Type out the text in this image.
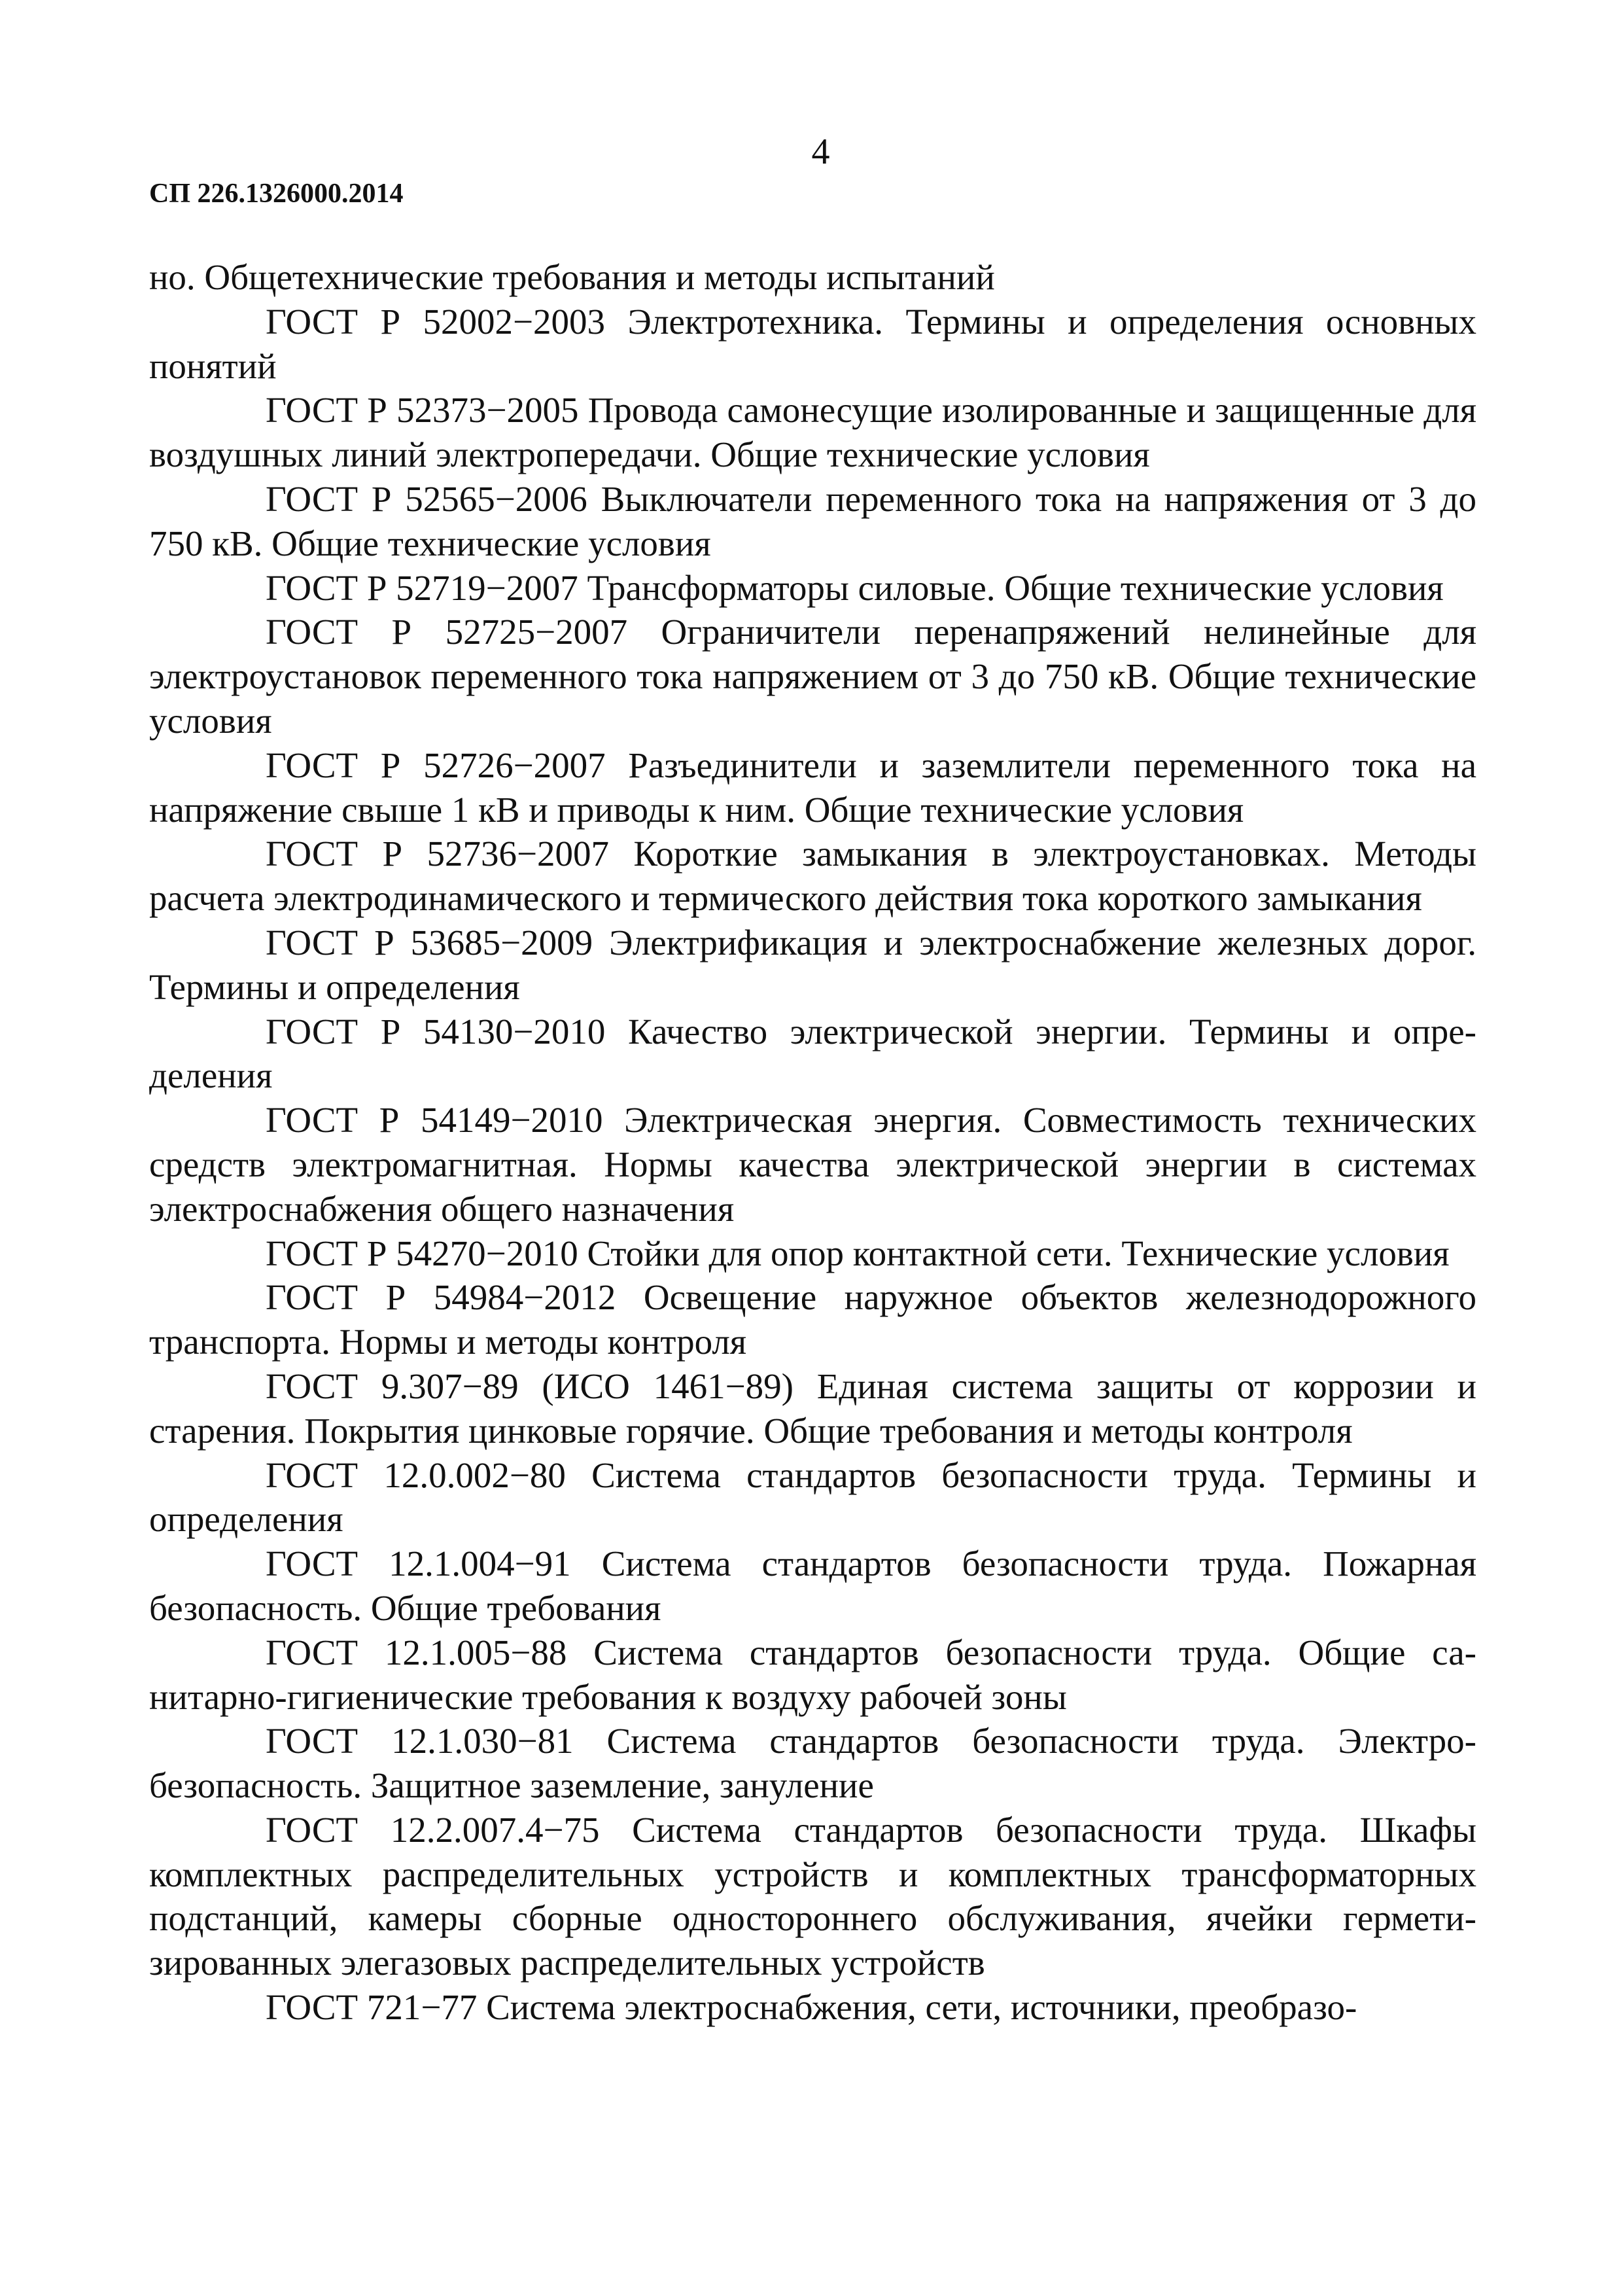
4
СП 226.1326000.2014

но. Общетехнические требования и методы испытаний

ГОСТ Р 52002−2003 Электротехника. Термины и определения основных понятий

ГОСТ Р 52373−2005 Провода самонесущие изолированные и защищенные для воздушных линий электропередачи. Общие технические условия

ГОСТ Р 52565−2006 Выключатели переменного тока на напряжения от 3 до 750 кВ. Общие технические условия

ГОСТ Р 52719−2007 Трансформаторы силовые. Общие технические условия

ГОСТ Р 52725−2007 Ограничители перенапряжений нелинейные для электроустановок переменного тока напряжением от 3 до 750 кВ. Общие технические условия

ГОСТ Р 52726−2007 Разъединители и заземлители переменного тока на напряжение свыше 1 кВ и приводы к ним. Общие технические условия

ГОСТ Р 52736−2007 Короткие замыкания в электроустановках. Методы расчета электродинамического и термического действия тока короткого замыкания

ГОСТ Р 53685−2009 Электрификация и электроснабжение железных дорог. Термины и определения

ГОСТ Р 54130−2010 Качество электрической энергии. Термины и определения

ГОСТ Р 54149−2010 Электрическая энергия. Совместимость технических средств электромагнитная. Нормы качества электрической энергии в системах электроснабжения общего назначения

ГОСТ Р 54270−2010 Стойки для опор контактной сети. Технические условия

ГОСТ Р 54984−2012 Освещение наружное объектов железнодорожного транспорта. Нормы и методы контроля

ГОСТ 9.307−89 (ИСО 1461−89) Единая система защиты от коррозии и старения. Покрытия цинковые горячие. Общие требования и методы контроля

ГОСТ 12.0.002−80 Система стандартов безопасности труда. Термины и определения

ГОСТ 12.1.004−91 Система стандартов безопасности труда. Пожарная безопасность. Общие требования

ГОСТ 12.1.005−88 Система стандартов безопасности труда. Общие санитарно-гигиенические требования к воздуху рабочей зоны

ГОСТ 12.1.030−81 Система стандартов безопасности труда. Электробезопасность. Защитное заземление, зануление

ГОСТ 12.2.007.4−75 Система стандартов безопасности труда. Шкафы комплектных распределительных устройств и комплектных трансформаторных подстанций, камеры сборные одностороннего обслуживания, ячейки герметизированных элегазовых распределительных устройств

ГОСТ 721−77 Система электроснабжения, сети, источники, преобразо-
